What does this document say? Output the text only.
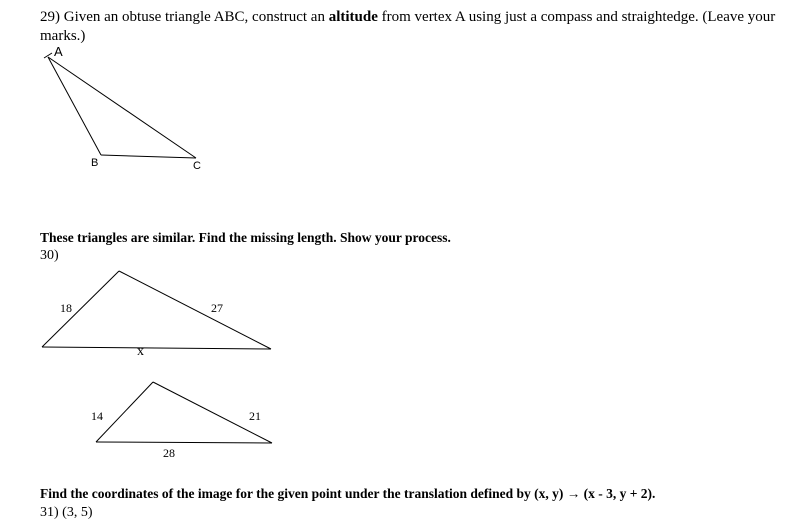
29) Given an obtuse triangle ABC, construct an altitude from vertex A using just a compass and straightedge. (Leave your marks.)
A
B	C
These triangles are similar. Find the missing length. Show your process.
30)
18	27
x
14	21
28
Find the coordinates of the image for the given point under the translation defined by (x, y) → (x - 3, y + 2).
31) (3, 5)
